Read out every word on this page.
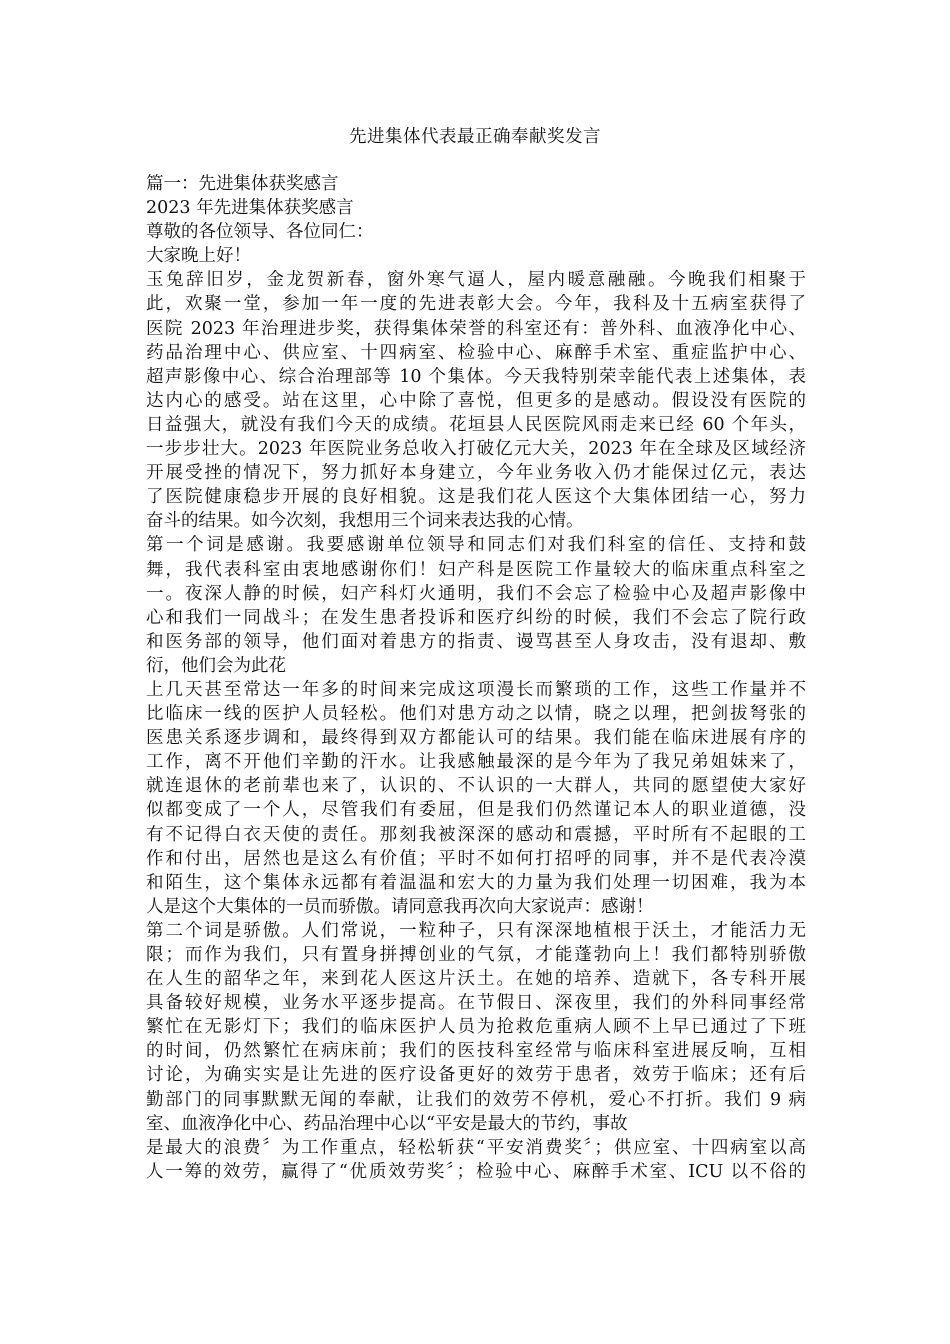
先进集体代表最正确奉献奖发言
篇一：先进集体获奖感言
2023 年先进集体获奖感言
尊敬的各位领导、各位同仁：
大家晚上好！
玉兔辞旧岁，金龙贺新春，窗外寒气逼人，屋内暖意融融。今晚我们相聚于
此，欢聚一堂，参加一年一度的先进表彰大会。今年，我科及十五病室获得了
医院 2023 年治理进步奖，获得集体荣誉的科室还有：普外科、血液净化中心、
药品治理中心、供应室、十四病室、检验中心、麻醉手术室、重症监护中心、
超声影像中心、综合治理部等 10 个集体。今天我特别荣幸能代表上述集体，表
达内心的感受。站在这里，心中除了喜悦，但更多的是感动。假设没有医院的
日益强大，就没有我们今天的成绩。花垣县人民医院风雨走来已经 60 个年头，
一步步壮大。2023 年医院业务总收入打破亿元大关，2023 年在全球及区域经济
开展受挫的情况下，努力抓好本身建立，今年业务收入仍才能保过亿元，表达
了医院健康稳步开展的良好相貌。这是我们花人医这个大集体团结一心，努力
奋斗的结果。如今次刻，我想用三个词来表达我的心情。
第一个词是感谢。我要感谢单位领导和同志们对我们科室的信任、支持和鼓
舞，我代表科室由衷地感谢你们！妇产科是医院工作量较大的临床重点科室之
一。夜深人静的时候，妇产科灯火通明，我们不会忘了检验中心及超声影像中
心和我们一同战斗；在发生患者投诉和医疗纠纷的时候，我们不会忘了院行政
和医务部的领导，他们面对着患方的指责、谩骂甚至人身攻击，没有退却、敷
衍，他们会为此花
上几天甚至常达一年多的时间来完成这项漫长而繁琐的工作，这些工作量并不
比临床一线的医护人员轻松。他们对患方动之以情，晓之以理，把剑拔弩张的
医患关系逐步调和，最终得到双方都能认可的结果。我们能在临床进展有序的
工作，离不开他们辛勤的汗水。让我感触最深的是今年为了我兄弟姐妹来了，
就连退休的老前辈也来了，认识的、不认识的一大群人，共同的愿望使大家好
似都变成了一个人，尽管我们有委屈，但是我们仍然谨记本人的职业道德，没
有不记得白衣天使的责任。那刻我被深深的感动和震撼，平时所有不起眼的工
作和付出，居然也是这么有价值；平时不如何打招呼的同事，并不是代表冷漠
和陌生，这个集体永远都有着温温和宏大的力量为我们处理一切困难，我为本
人是这个大集体的一员而骄傲。请同意我再次向大家说声：感谢！
第二个词是骄傲。人们常说，一粒种子，只有深深地植根于沃土，才能活力无
限；而作为我们，只有置身拼搏创业的气氛，才能蓬勃向上！我们都特别骄傲
在人生的韶华之年，来到花人医这片沃土。在她的培养、造就下，各专科开展
具备较好规模，业务水平逐步提高。在节假日、深夜里，我们的外科同事经常
繁忙在无影灯下；我们的临床医护人员为抢救危重病人顾不上早已通过了下班
的时间，仍然繁忙在病床前；我们的医技科室经常与临床科室进展反响，互相
讨论，为确实实是让先进的医疗设备更好的效劳于患者，效劳于临床；还有后
勤部门的同事默默无闻的奉献，让我们的效劳不停机，爱心不打折。我们 9 病
室、血液净化中心、药品治理中心以“平安是最大的节约，事故
是最大的浪费〞为工作重点，轻松斩获“平安消费奖〞；供应室、十四病室以高
人一筹的效劳，赢得了“优质效劳奖〞；检验中心、麻醉手术室、ICU 以不俗的
